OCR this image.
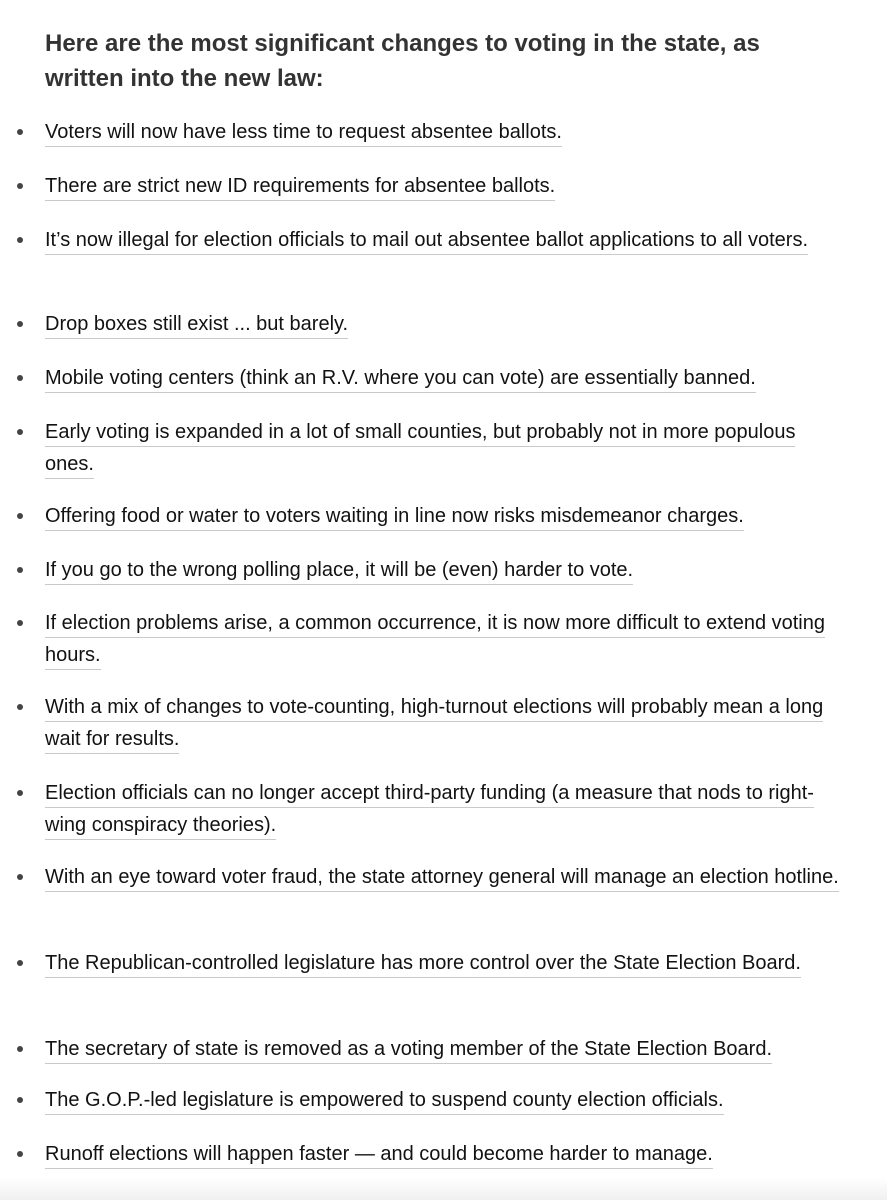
Here are the most significant changes to voting in the state, as written into the new law:
Voters will now have less time to request absentee ballots.
There are strict new ID requirements for absentee ballots.
It’s now illegal for election officials to mail out absentee ballot applications to all voters.
Drop boxes still exist ... but barely.
Mobile voting centers (think an R.V. where you can vote) are essentially banned.
Early voting is expanded in a lot of small counties, but probably not in more populous ones.
Offering food or water to voters waiting in line now risks misdemeanor charges.
If you go to the wrong polling place, it will be (even) harder to vote.
If election problems arise, a common occurrence, it is now more difficult to extend voting hours.
With a mix of changes to vote-counting, high-turnout elections will probably mean a long wait for results.
Election officials can no longer accept third-party funding (a measure that nods to right-wing conspiracy theories).
With an eye toward voter fraud, the state attorney general will manage an election hotline.
The Republican-controlled legislature has more control over the State Election Board.
The secretary of state is removed as a voting member of the State Election Board.
The G.O.P.-led legislature is empowered to suspend county election officials.
Runoff elections will happen faster — and could become harder to manage.
